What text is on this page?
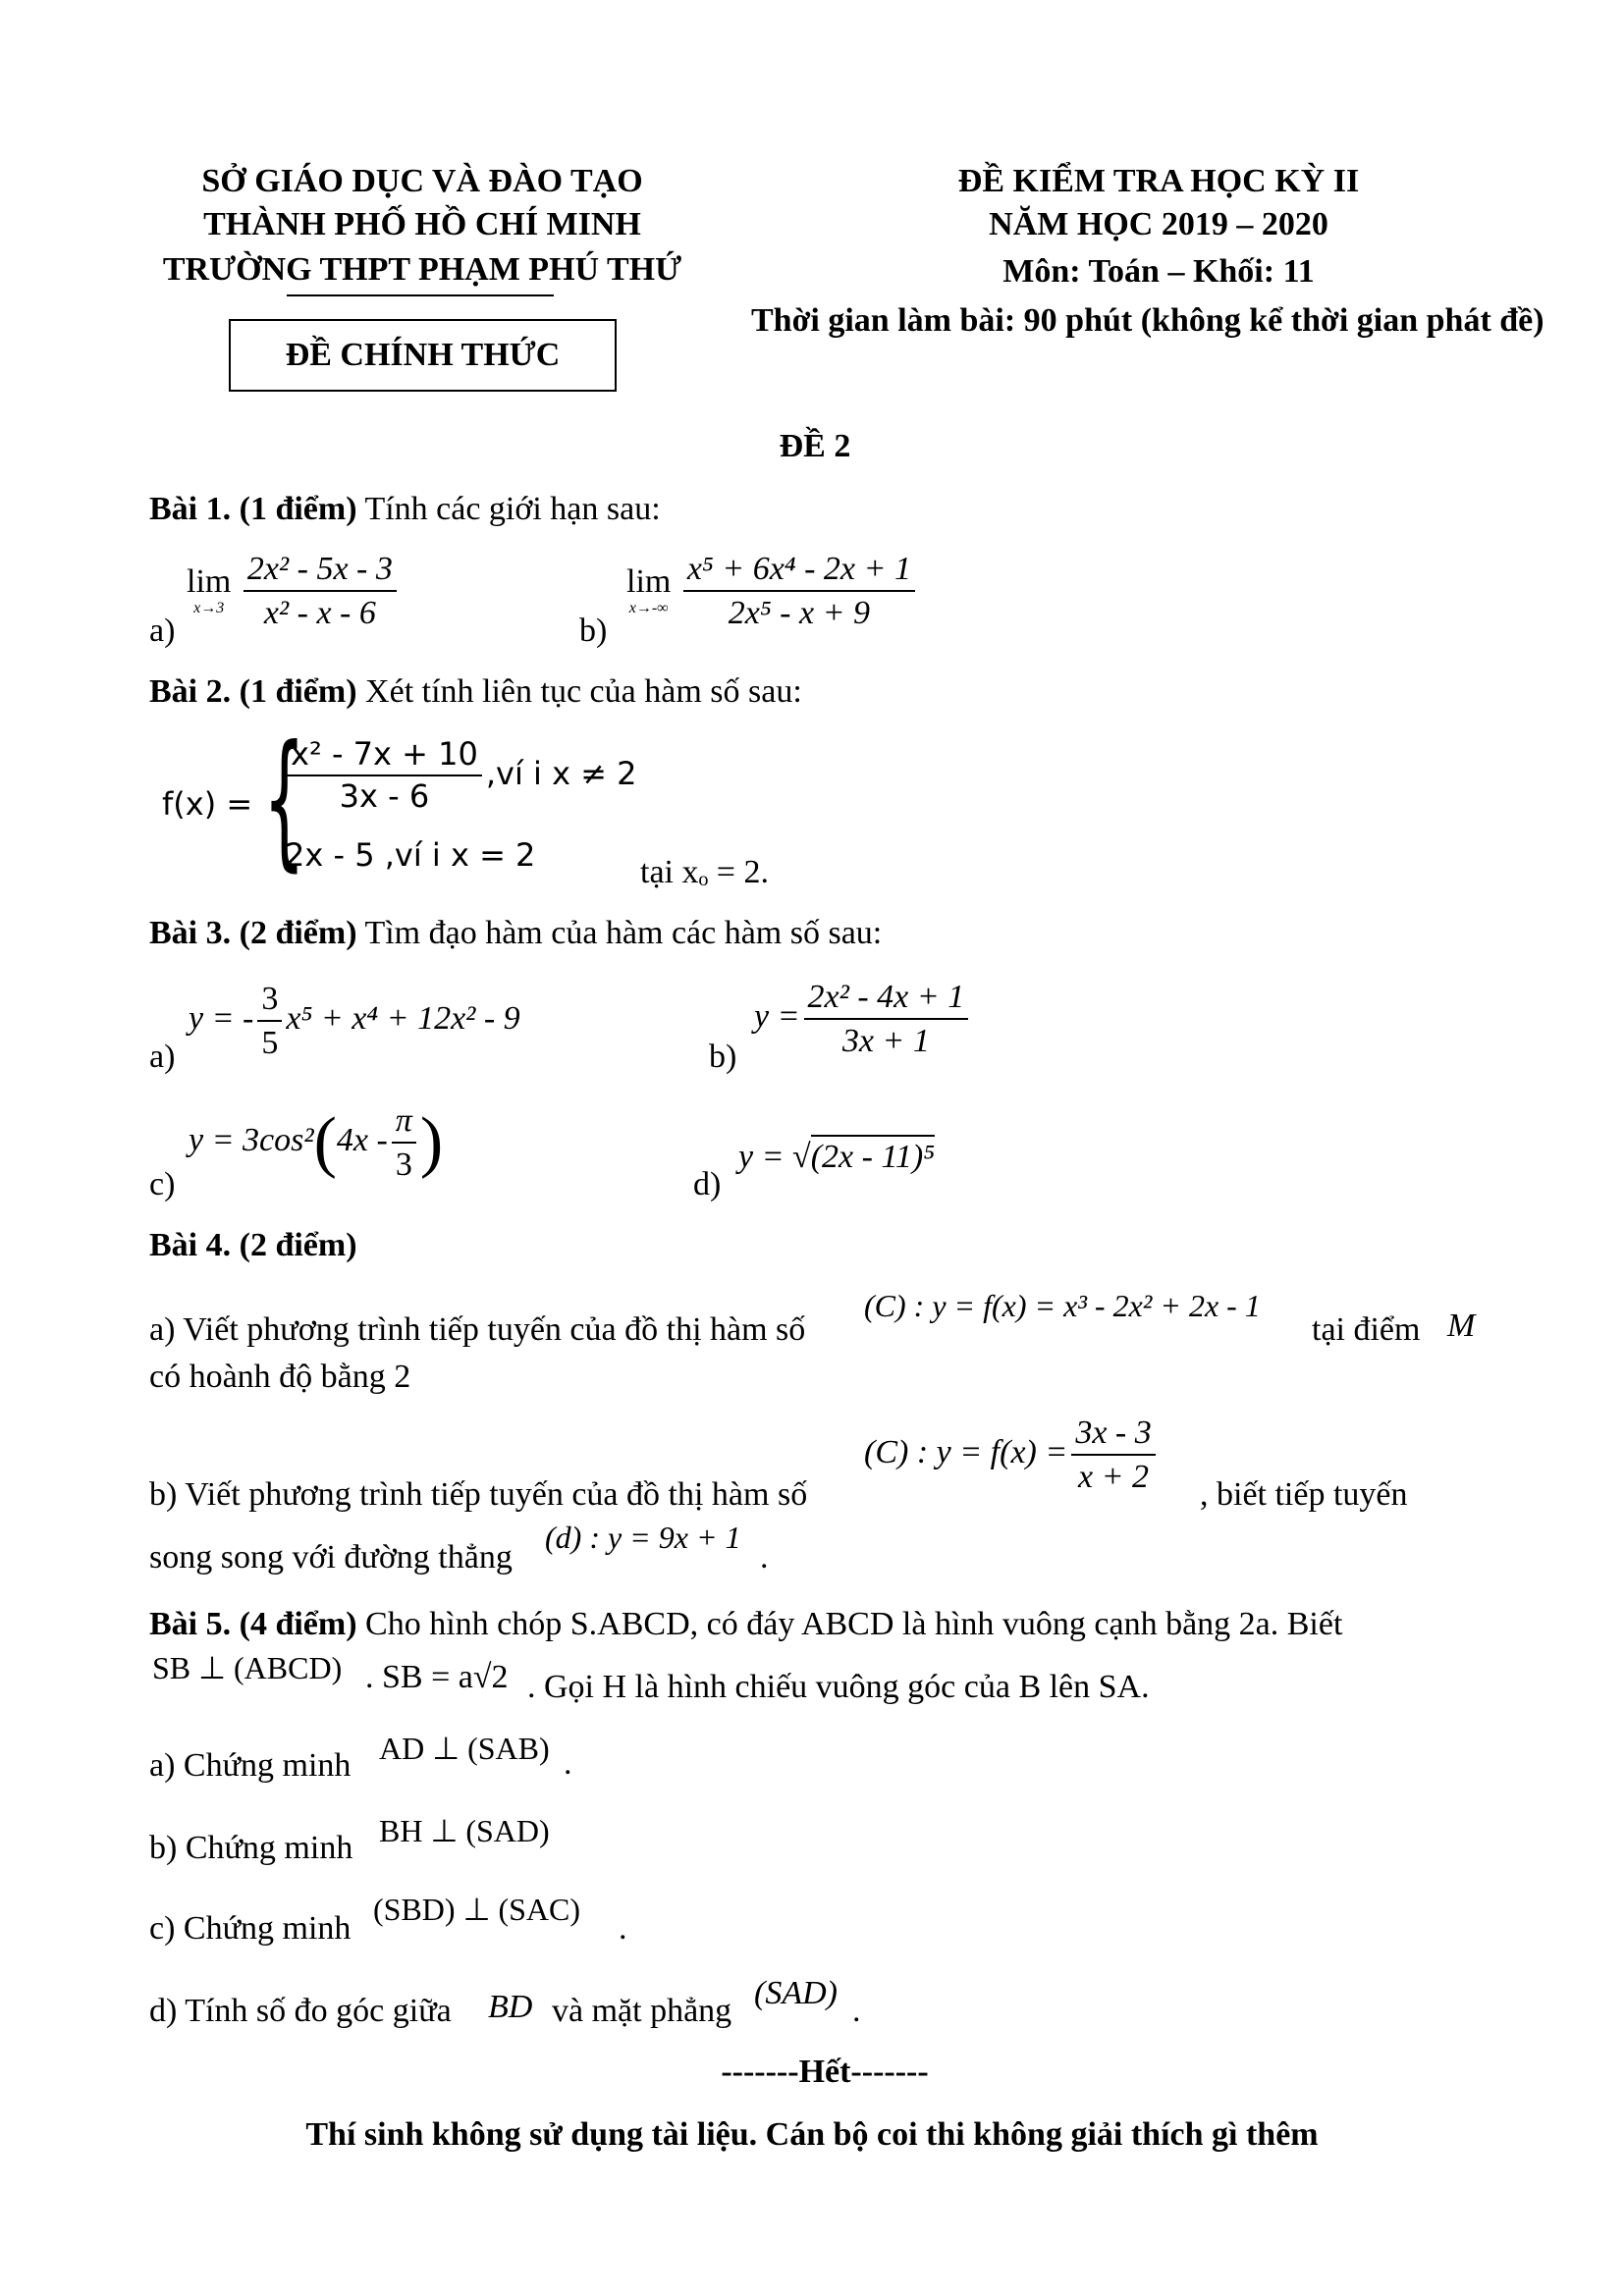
SỞ GIÁO DỤC VÀ ĐÀO TẠO
THÀNH PHỐ HỒ CHÍ MINH
TRƯỜNG THPT PHẠM PHÚ THỨ
ĐỀ CHÍNH THỨC
ĐỀ KIỂM TRA HỌC KỲ II
NĂM HỌC 2019 – 2020
Môn: Toán – Khối: 11
Thời gian làm bài: 90 phút (không kể thời gian phát đề)
ĐỀ 2
Bài 1. (1 điểm) Tính các giới hạn sau:
a)
lim
x→3
$\frac{\text{2x² - 5x - 3}}{\text{x² - x - 6}}$	b)
lim
x→-∞
$\frac{\text{x⁵ + 6x⁴ - 2x + 1}}{\text{2x⁵ - x + 9}}$
Bài 2. (1 điểm) Xét tính liên tục của hàm số sau:
f(x) = {
$\frac{\text{x² - 7x + 10}}{3x - 6}$ ,ví i x ≠ 2
2x - 5 ,ví i x = 2	tại xₒ = 2.
Bài 3. (2 điểm) Tìm đạo hàm của hàm các hàm số sau:
a)
y = - $\frac{3}{5} x^5 + x^4 + 12x^2 - 9$
b)
$y = \frac{\text{2x² - 4x + 1}}{3x + 1}$
c)
$y = 3\cos^2(4x - \frac{\pi}{3}$ )
d)
y = √(2x - 11)⁵
Bài 4. (2 điểm)
a) Viết phương trình tiếp tuyến của đồ thị hàm số
(C) : y = f(x) = x³ - 2x² + 2x - 1
tại điểm M
có hoành độ bằng 2
b) Viết phương trình tiếp tuyến của đồ thị hàm số
(C) : $y = f(x) = \frac{3x - 3}{x + 2}$ , biết tiếp tuyến
song song với đường thẳng
(d) : y = 9x + 1
.
Bài 5. (4 điểm) Cho hình chóp S.ABCD, có đáy ABCD là hình vuông cạnh bằng 2a. Biết
SB ⊥ (ABCD) . SB = a√2 . Gọi H là hình chiếu vuông góc của B lên SA.
a) Chứng minh AD ⊥ (SAB) .
b) Chứng minh BH ⊥ (SAD)
c) Chứng minh
(SBD) ⊥ (SAC)
.
d) Tính số đo góc giữa BD và mặt phẳng (SAD) .
-------Hết-------
Thí sinh không sử dụng tài liệu. Cán bộ coi thi không giải thích gì thêm
